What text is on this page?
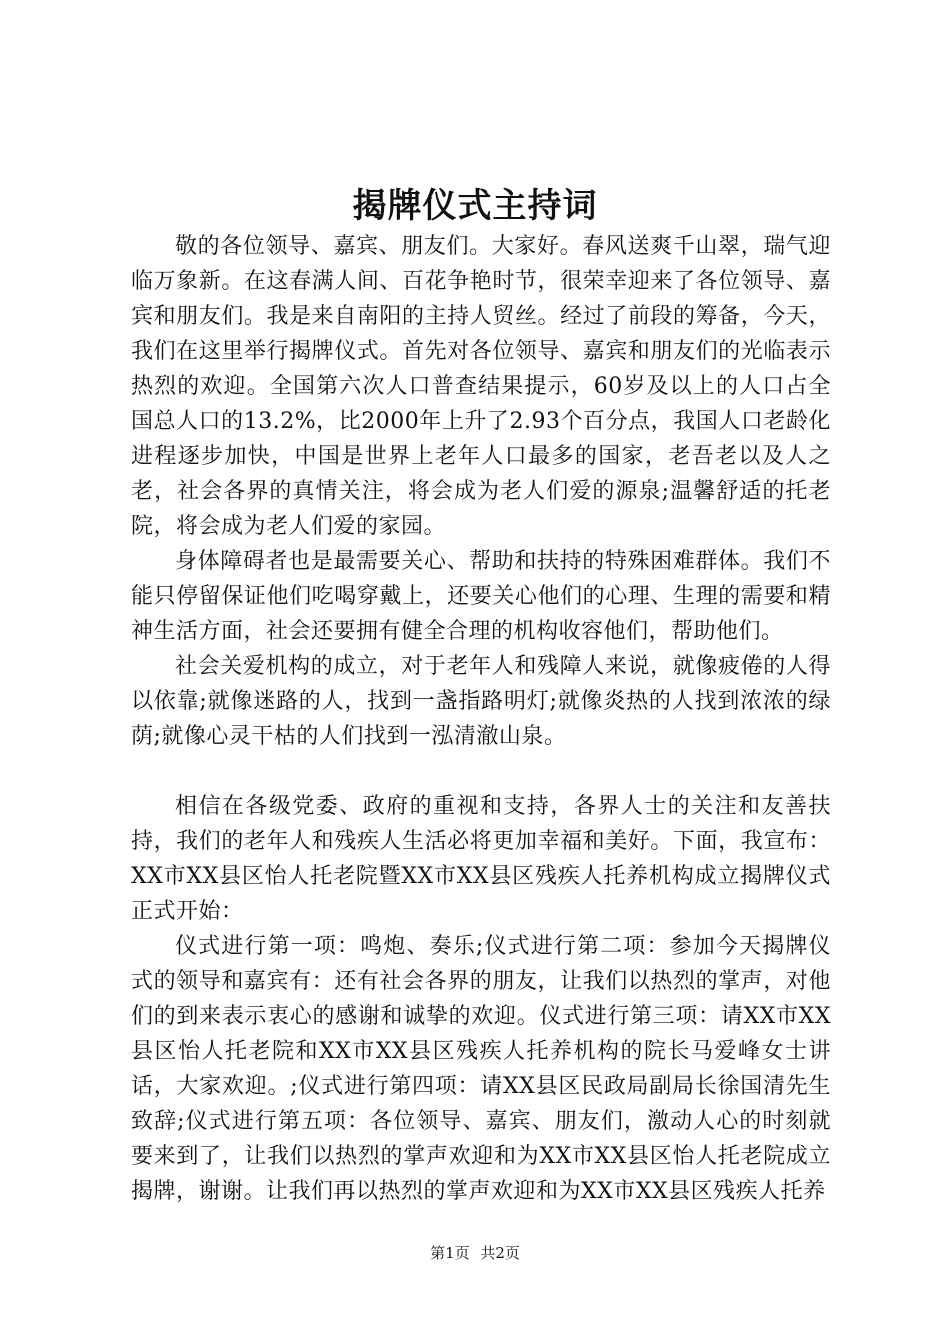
揭牌仪式主持词

敬的各位领导、嘉宾、朋友们。大家好。春风送爽千山翠，瑞气迎临万象新。在这春满人间、百花争艳时节，很荣幸迎来了各位领导、嘉宾和朋友们。我是来自南阳的主持人贸丝。经过了前段的筹备，今天，我们在这里举行揭牌仪式。首先对各位领导、嘉宾和朋友们的光临表示热烈的欢迎。全国第六次人口普查结果提示，60岁及以上的人口占全国总人口的13.2%，比2000年上升了2.93个百分点，我国人口老龄化进程逐步加快，中国是世界上老年人口最多的国家，老吾老以及人之老，社会各界的真情关注，将会成为老人们爱的源泉;温馨舒适的托老院，将会成为老人们爱的家园。

身体障碍者也是最需要关心、帮助和扶持的特殊困难群体。我们不能只停留保证他们吃喝穿戴上，还要关心他们的心理、生理的需要和精神生活方面，社会还要拥有健全合理的机构收容他们，帮助他们。

社会关爱机构的成立，对于老年人和残障人来说，就像疲倦的人得以依靠;就像迷路的人，找到一盏指路明灯;就像炎热的人找到浓浓的绿荫;就像心灵干枯的人们找到一泓清澈山泉。

相信在各级党委、政府的重视和支持，各界人士的关注和友善扶持，我们的老年人和残疾人生活必将更加幸福和美好。下面，我宣布：XX市XX县区怡人托老院暨XX市XX县区残疾人托养机构成立揭牌仪式正式开始：

仪式进行第一项：鸣炮、奏乐;仪式进行第二项：参加今天揭牌仪式的领导和嘉宾有：还有社会各界的朋友，让我们以热烈的掌声，对他们的到来表示衷心的感谢和诚挚的欢迎。仪式进行第三项：请XX市XX县区怡人托老院和XX市XX县区残疾人托养机构的院长马爱峰女士讲话，大家欢迎。;仪式进行第四项：请XX县区民政局副局长徐国清先生致辞;仪式进行第五项：各位领导、嘉宾、朋友们，激动人心的时刻就要来到了，让我们以热烈的掌声欢迎和为XX市XX县区怡人托老院成立揭牌，谢谢。让我们再以热烈的掌声欢迎和为XX市XX县区残疾人托养

第1页 共2页
